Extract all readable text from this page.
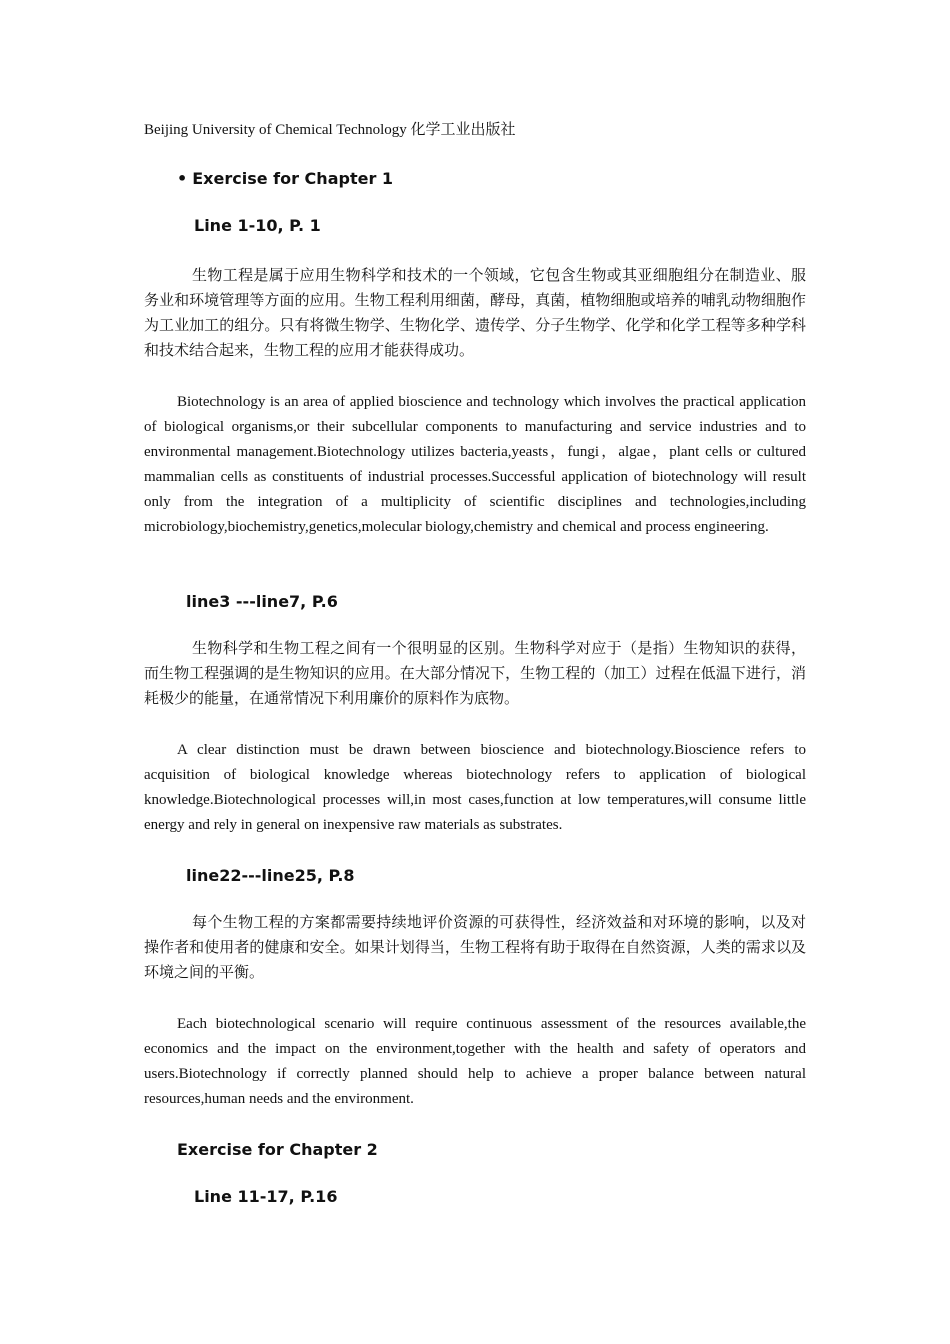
Beijing University of Chemical Technology 化学工业出版社
• Exercise for Chapter 1
Line 1-10, P. 1
生物工程是属于应用生物科学和技术的一个领域，它包含生物或其亚细胞组分在制造业、服务业和环境管理等方面的应用。生物工程利用细菌，酵母，真菌，植物细胞或培养的哺乳动物细胞作为工业加工的组分。只有将微生物学、生物化学、遗传学、分子生物学、化学和化学工程等多种学科和技术结合起来，生物工程的应用才能获得成功。
Biotechnology is an area of applied bioscience and technology which involves the practical application of biological organisms,or their subcellular components to manufacturing and service industries and to environmental management.Biotechnology utilizes bacteria,yeasts，fungi，algae，plant cells or cultured mammalian cells as constituents of industrial processes.Successful application of biotechnology will result only from the integration of a multiplicity of scientific disciplines and technologies,including microbiology,biochemistry,genetics,molecular biology,chemistry and chemical and process engineering.
line3 ---line7, P.6
生物科学和生物工程之间有一个很明显的区别。生物科学对应于（是指）生物知识的获得，而生物工程强调的是生物知识的应用。在大部分情况下，生物工程的（加工）过程在低温下进行，消耗极少的能量，在通常情况下利用廉价的原料作为底物。
A clear distinction must be drawn between bioscience and biotechnology.Bioscience refers to acquisition of biological knowledge whereas biotechnology refers to application of biological knowledge.Biotechnological processes will,in most cases,function at low temperatures,will consume little energy and rely in general on inexpensive raw materials as substrates.
line22---line25, P.8
每个生物工程的方案都需要持续地评价资源的可获得性，经济效益和对环境的影响，以及对操作者和使用者的健康和安全。如果计划得当，生物工程将有助于取得在自然资源，人类的需求以及环境之间的平衡。
Each biotechnological scenario will require continuous assessment of the resources available,the economics and the impact on the environment,together with the health and safety of operators and users.Biotechnology if correctly planned should help to achieve a proper balance between natural resources,human needs and the environment.
Exercise for Chapter 2
Line 11-17, P.16
